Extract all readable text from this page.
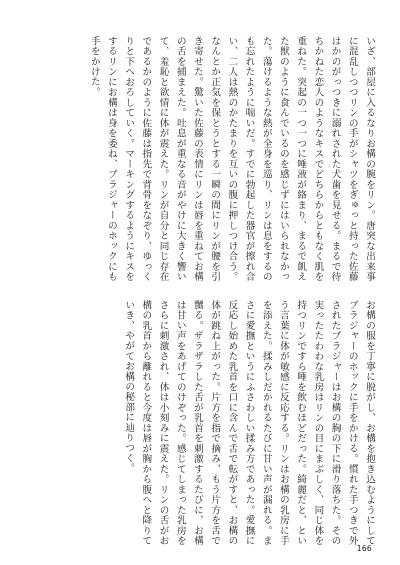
いざ、部屋に入るなりお構の腕をリン。唐突な出来事に混乱しつつリンの手がシャツをぎゅっと持った佐藤はかのがっつきに溺れされた犬歯を見せる。まるで待ちかねた恋人のようなキスでどちらからともなく肌を重ねた。突起の一つ一つに唾液が絡まり、まるで飢えた獣のように食んでいるのを感じずにはいられなかった。蕩けるような熱が全身を巡り、リンは息をするのも忘れたように喘いだ。すでに勃起した器官が擦れ合い、二人は熱のかたまりを互いの腹に押しつけ合う。なんとか正気を保とうとする一瞬の間にリンが腰を引き寄せた。驚いた佐藤の表情にリンは唇を重ねてお構の舌を捕まえた。吐息が重なる音がやけに大きく響いて、羞恥と欲情に体が震えた。リンが自分と同じ存在であるかのように佐藤は指先で背骨をなぞり、ゆっくりと下へおろしていく。マーキングするようにキスをするリンにお構は身を委ね、ブラジャーのホックにも手をかけた。

お構の服を丁寧に脱がし、お構を抱き込むようにしてブラジャーのホックに手をかける。慣れた手つきで外されたブラジャーはお構の胸の下に滑り落ちた。その実ったたわわな乳房はリンの目にまぶしく、同じ体を持つリンですら唾を飲むほどだった。綺麗だと、という言葉に体が敏感に反応する。リンはお構の乳房に手を添えた。揉みしだかれるたびに甘い声が漏れる。まさに愛撫というにふさわしい揉み方であった。愛撫に反応し始めた乳首を口に含んで舌で転がすと、お構の体が跳ね上がった。片方を指で摘み、もう片方を舌で嬲る。ザラザラした舌が乳首を刺激するたびに、お構は甘い声をあげてのけぞった。感じてしまった乳房をさらに刺激され、体は小刻みに震えた。リンの舌がお構の乳首から離れると今度は唇が胸から腹へと降りていき、やがてお構の秘部に辿りつく。

166
